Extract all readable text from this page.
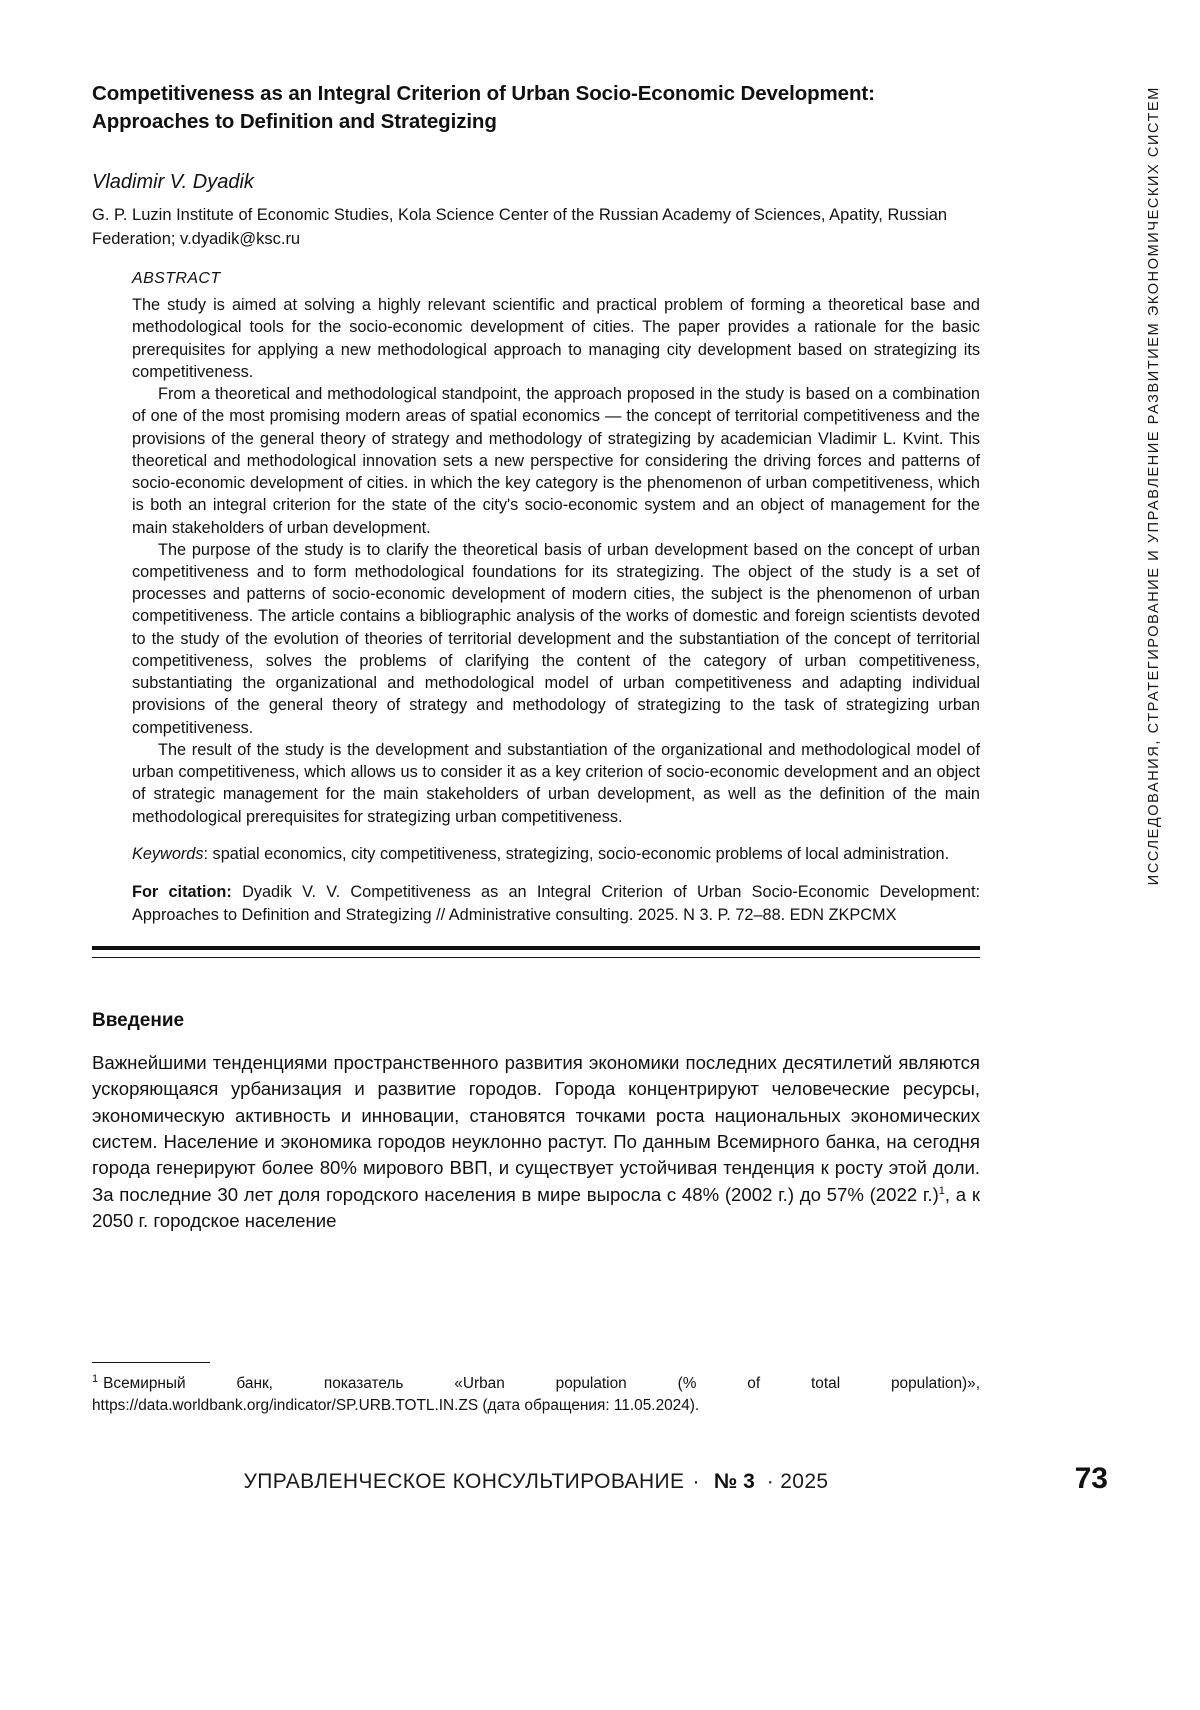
ИССЛЕДОВАНИЯ, СТРАТЕГИРОВАНИЕ И УПРАВЛЕНИЕ РАЗВИТИЕМ ЭКОНОМИЧЕСКИХ СИСТЕМ
Competitiveness as an Integral Criterion of Urban Socio-Economic Development: Approaches to Definition and Strategizing
Vladimir V. Dyadik
G. P. Luzin Institute of Economic Studies, Kola Science Center of the Russian Academy of Sciences, Apatity, Russian Federation; v.dyadik@ksc.ru
ABSTRACT

The study is aimed at solving a highly relevant scientific and practical problem of forming a theoretical base and methodological tools for the socio-economic development of cities. The paper provides a rationale for the basic prerequisites for applying a new methodological approach to managing city development based on strategizing its competitiveness.

From a theoretical and methodological standpoint, the approach proposed in the study is based on a combination of one of the most promising modern areas of spatial economics — the concept of territorial competitiveness and the provisions of the general theory of strategy and methodology of strategizing by academician Vladimir L. Kvint. This theoretical and methodological innovation sets a new perspective for considering the driving forces and patterns of socio-economic development of cities. in which the key category is the phenomenon of urban competitiveness, which is both an integral criterion for the state of the city's socio-economic system and an object of management for the main stakeholders of urban development.

The purpose of the study is to clarify the theoretical basis of urban development based on the concept of urban competitiveness and to form methodological foundations for its strategizing. The object of the study is a set of processes and patterns of socio-economic development of modern cities, the subject is the phenomenon of urban competitiveness. The article contains a bibliographic analysis of the works of domestic and foreign scientists devoted to the study of the evolution of theories of territorial development and the substantiation of the concept of territorial competitiveness, solves the problems of clarifying the content of the category of urban competitiveness, substantiating the organizational and methodological model of urban competitiveness and adapting individual provisions of the general theory of strategy and methodology of strategizing to the task of strategizing urban competitiveness.

The result of the study is the development and substantiation of the organizational and methodological model of urban competitiveness, which allows us to consider it as a key criterion of socio-economic development and an object of strategic management for the main stakeholders of urban development, as well as the definition of the main methodological prerequisites for strategizing urban competitiveness.

Keywords: spatial economics, city competitiveness, strategizing, socio-economic problems of local administration.

For citation: Dyadik V. V. Competitiveness as an Integral Criterion of Urban Socio-Economic Development: Approaches to Definition and Strategizing // Administrative consulting. 2025. N 3. P. 72–88. EDN ZKPCMX

Введение

Важнейшими тенденциями пространственного развития экономики последних десятилетий являются ускоряющаяся урбанизация и развитие городов. Города концентрируют человеческие ресурсы, экономическую активность и инновации, становятся точками роста национальных экономических систем. Население и экономика городов неуклонно растут. По данным Всемирного банка, на сегодня города генерируют более 80% мирового ВВП, и существует устойчивая тенденция к росту этой доли. За последние 30 лет доля городского населения в мире выросла с 48% (2002 г.) до 57% (2022 г.)$^1$, а к 2050 г. городское население

$^1$ Всемирный банк, показатель «Urban population (% of total population)», https://data.worldbank.org/indicator/SP.URB.TOTL.IN.ZS (дата обращения: 11.05.2024).

УПРАВЛЕНЧЕСКОЕ КОНСУЛЬТИРОВАНИЕ · № 3 · 2025	73
